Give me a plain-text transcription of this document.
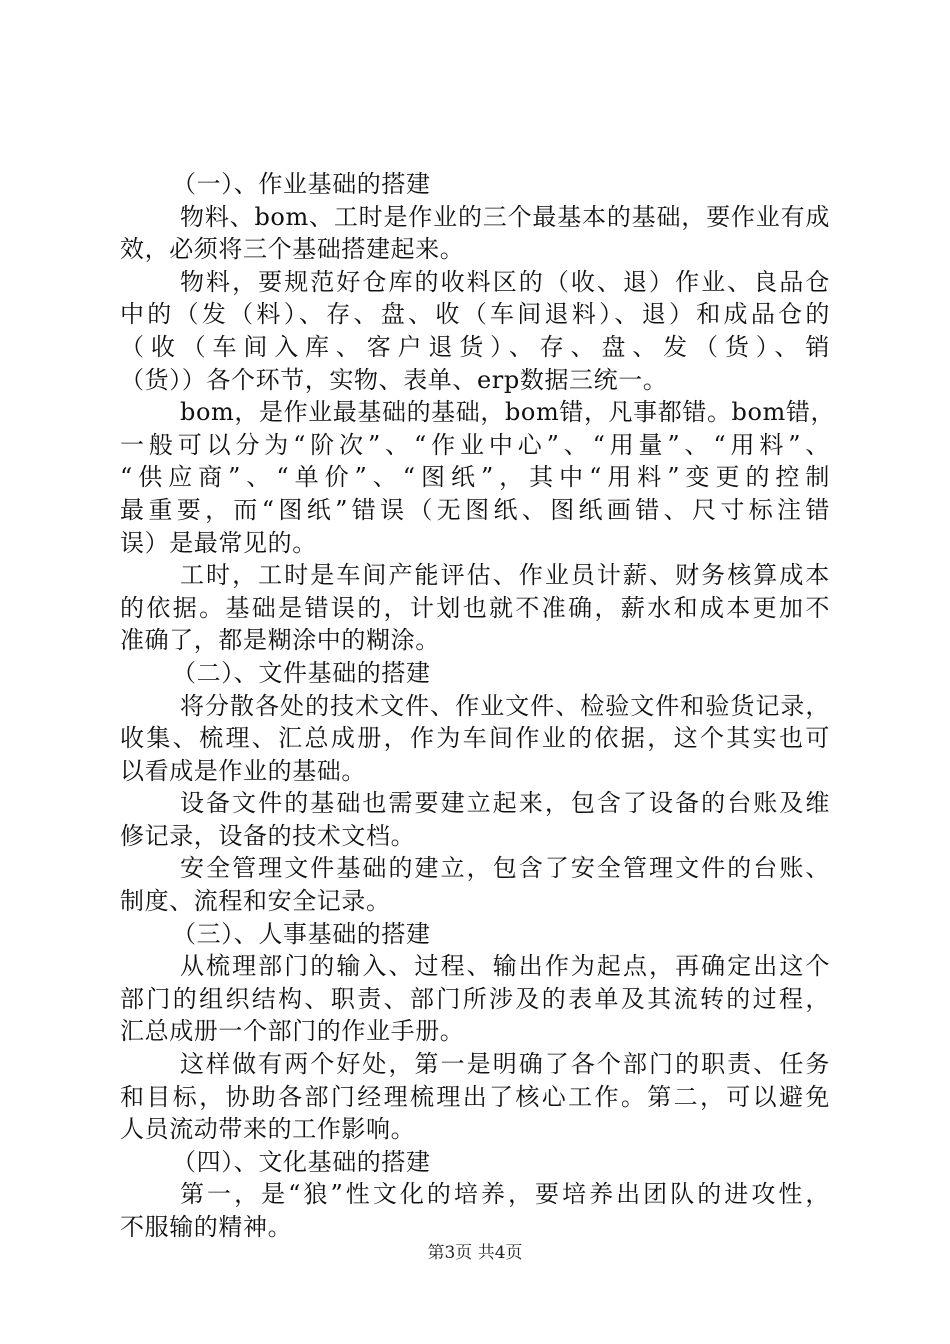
（一）、作业基础的搭建
物料、bom、工时是作业的三个最基本的基础，要作业有成
效，必须将三个基础搭建起来。
物料，要规范好仓库的收料区的（收、退）作业、良品仓
中的（发（料）、存、盘、收（车间退料）、退）和成品仓的
（收（车间入库、客户退货）、存、盘、发（货）、销
（货））各个环节，实物、表单、erp数据三统一。
bom，是作业最基础的基础，bom错，凡事都错。bom错，
一般可以分为“阶次”、“作业中心”、“用量”、“用料”、
“供应商”、“单价”、“图纸”，其中“用料”变更的控制
最重要，而“图纸”错误（无图纸、图纸画错、尺寸标注错
误）是最常见的。
工时，工时是车间产能评估、作业员计薪、财务核算成本
的依据。基础是错误的，计划也就不准确，薪水和成本更加不
准确了，都是糊涂中的糊涂。
（二）、文件基础的搭建
将分散各处的技术文件、作业文件、检验文件和验货记录，
收集、梳理、汇总成册，作为车间作业的依据，这个其实也可
以看成是作业的基础。
设备文件的基础也需要建立起来，包含了设备的台账及维
修记录，设备的技术文档。
安全管理文件基础的建立，包含了安全管理文件的台账、
制度、流程和安全记录。
（三）、人事基础的搭建
从梳理部门的输入、过程、输出作为起点，再确定出这个
部门的组织结构、职责、部门所涉及的表单及其流转的过程，
汇总成册一个部门的作业手册。
这样做有两个好处，第一是明确了各个部门的职责、任务
和目标，协助各部门经理梳理出了核心工作。第二，可以避免
人员流动带来的工作影响。
（四）、文化基础的搭建
第一，是“狼”性文化的培养，要培养出团队的进攻性，
不服输的精神。
第3页 共4页
